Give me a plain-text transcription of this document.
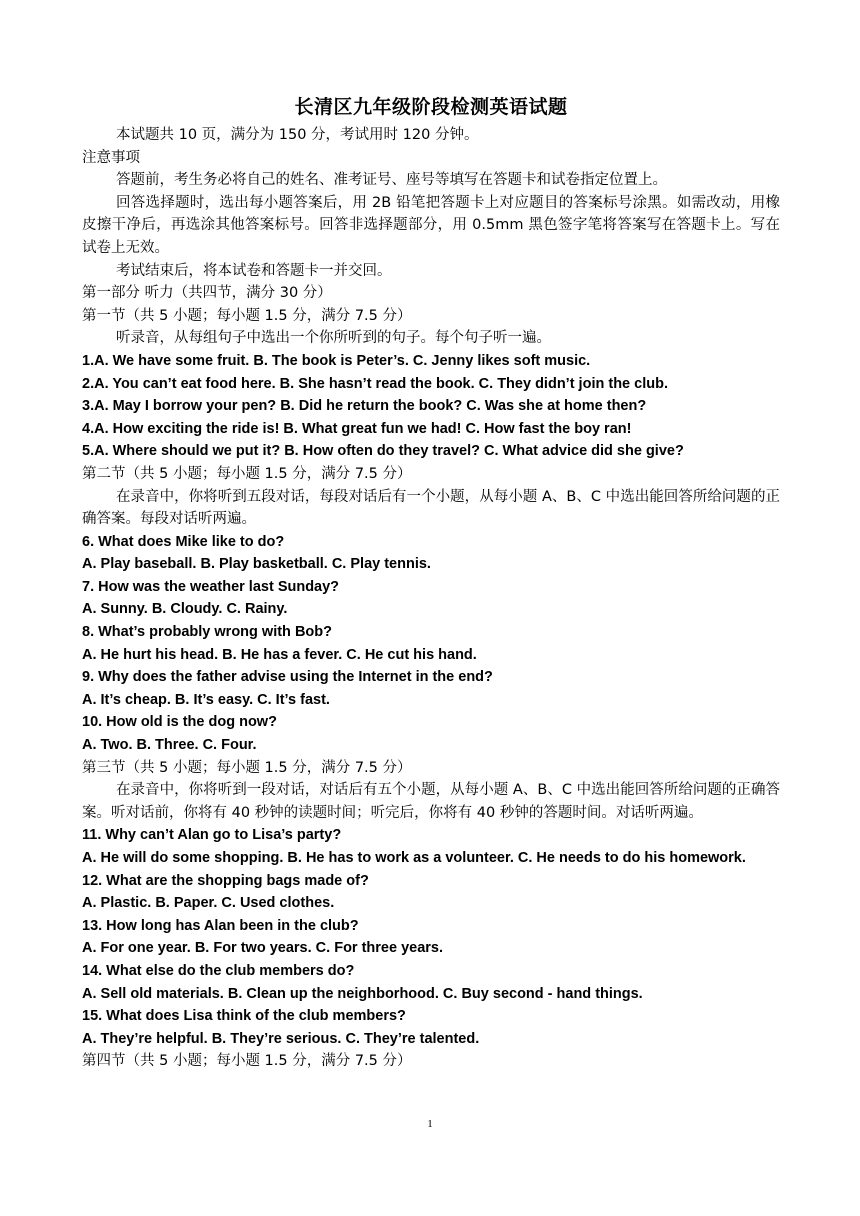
长清区九年级阶段检测英语试题
本试题共 10 页，满分为 150 分，考试用时 120 分钟。
注意事项
答题前，考生务必将自己的姓名、准考证号、座号等填写在答题卡和试卷指定位置上。
回答选择题时，选出每小题答案后，用 2B 铅笔把答题卡上对应题目的答案标号涂黑。如需改动，用橡皮擦干净后，再选涂其他答案标号。回答非选择题部分，用 0.5mm 黑色签字笔将答案写在答题卡上。写在试卷上无效。
考试结束后，将本试卷和答题卡一并交回。
第一部分 听力（共四节，满分 30 分）
第一节（共 5 小题；每小题 1.5 分，满分 7.5 分）
听录音，从每组句子中选出一个你所听到的句子。每个句子听一遍。
1.A. We have some fruit. B. The book is Peter’s. C. Jenny likes soft music.
2.A. You can’t eat food here. B. She hasn’t read the book. C. They didn’t join the club.
3.A. May I borrow your pen? B. Did he return the book? C. Was she at home then?
4.A. How exciting the ride is! B. What great fun we had! C. How fast the boy ran!
5.A. Where should we put it? B. How often do they travel? C. What advice did she give?
第二节（共 5 小题；每小题 1.5 分，满分 7.5 分）
在录音中，你将听到五段对话，每段对话后有一个小题，从每小题 A、B、C 中选出能回答所给问题的正确答案。每段对话听两遍。
6. What does Mike like to do?
A. Play baseball. B. Play basketball. C. Play tennis.
7. How was the weather last Sunday?
A. Sunny. B. Cloudy. C. Rainy.
8. What’s probably wrong with Bob?
A. He hurt his head. B. He has a fever. C. He cut his hand.
9. Why does the father advise using the Internet in the end?
A. It’s cheap. B. It’s easy. C. It’s fast.
10. How old is the dog now?
A. Two. B. Three. C. Four.
第三节（共 5 小题；每小题 1.5 分，满分 7.5 分）
在录音中，你将听到一段对话，对话后有五个小题，从每小题 A、B、C 中选出能回答所给问题的正确答案。听对话前，你将有 40 秒钟的读题时间；听完后，你将有 40 秒钟的答题时间。对话听两遍。
11. Why can’t Alan go to Lisa’s party?
A. He will do some shopping. B. He has to work as a volunteer. C. He needs to do his homework.
12. What are the shopping bags made of?
A. Plastic. B. Paper. C. Used clothes.
13. How long has Alan been in the club?
A. For one year. B. For two years. C. For three years.
14. What else do the club members do?
A. Sell old materials. B. Clean up the neighborhood. C. Buy second - hand things.
15. What does Lisa think of the club members?
A. They’re helpful. B. They’re serious. C. They’re talented.
第四节（共 5 小题；每小题 1.5 分，满分 7.5 分）
1
